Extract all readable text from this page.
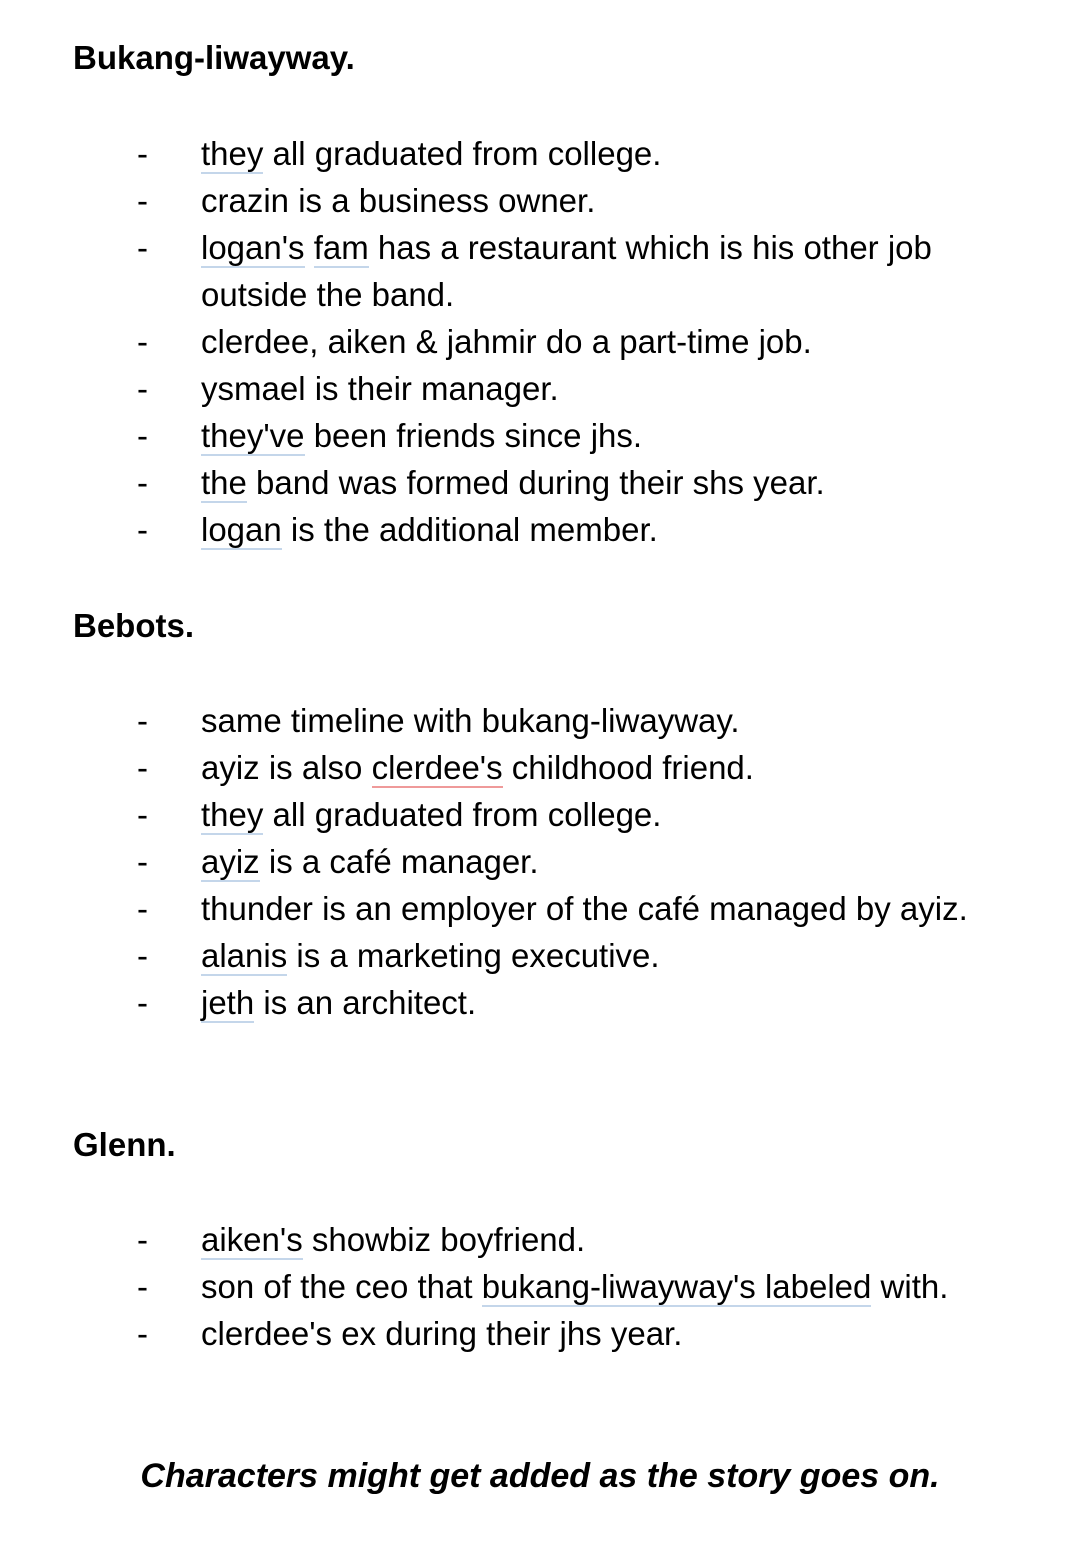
Bukang-liwayway.
- they all graduated from college.
- crazin is a business owner.
- logan's fam has a restaurant which is his other job outside the band.
- clerdee, aiken & jahmir do a part-time job.
- ysmael is their manager.
- they've been friends since jhs.
- the band was formed during their shs year.
- logan is the additional member.
Bebots.
- same timeline with bukang-liwayway.
- ayiz is also clerdee's childhood friend.
- they all graduated from college.
- ayiz is a café manager.
- thunder is an employer of the café managed by ayiz.
- alanis is a marketing executive.
- jeth is an architect.
Glenn.
- aiken's showbiz boyfriend.
- son of the ceo that bukang-liwayway's labeled with.
- clerdee's ex during their jhs year.

Characters might get added as the story goes on.
